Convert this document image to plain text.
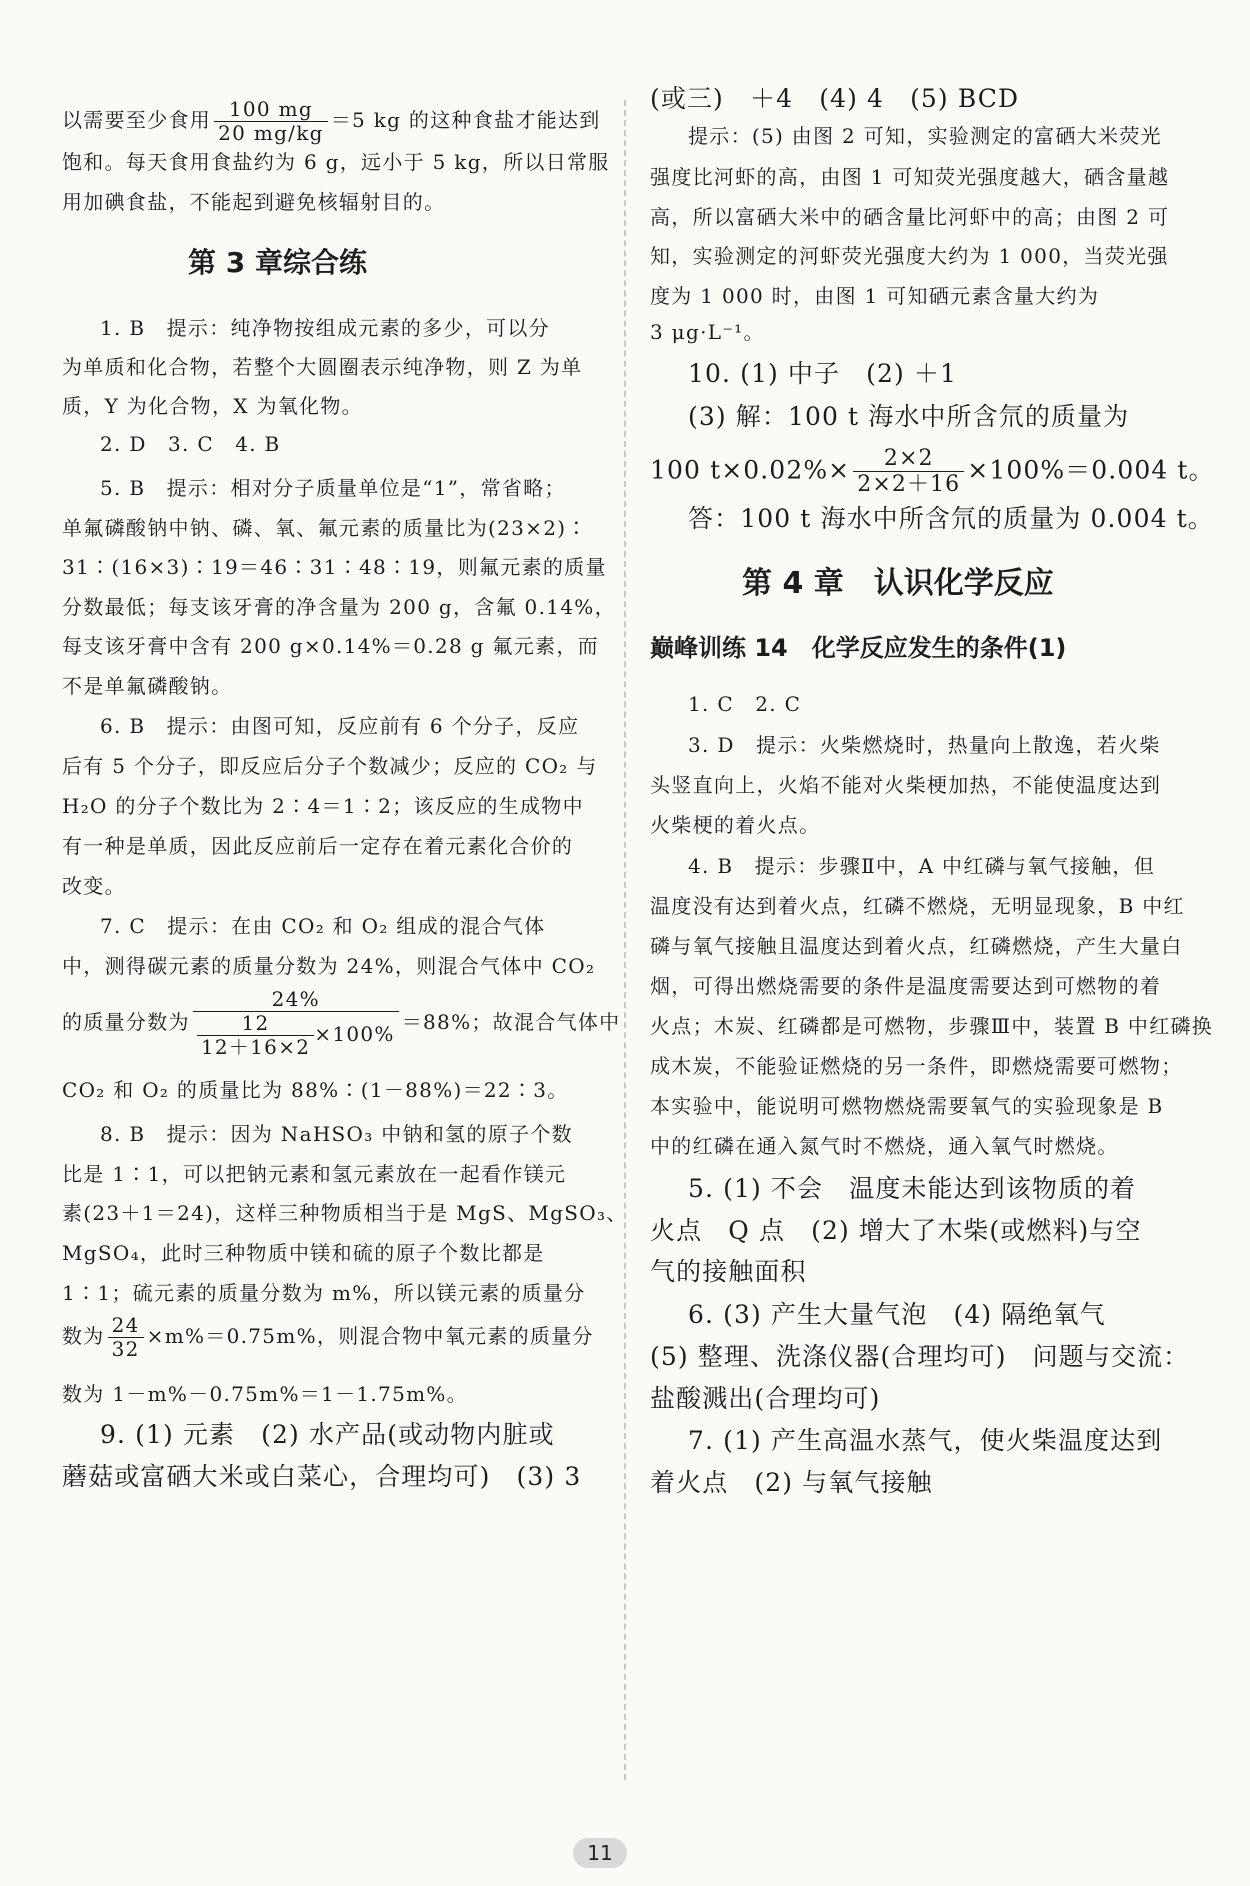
以需要至少食用 $\frac{100 mg}{20 mg/kg} =5$ kg 的这种食盐才能达到
饱和。每天食用食盐约为 6 g，远小于 5 kg，所以日常服
用加碘食盐，不能起到避免核辐射目的。
第 3 章综合练
1. B　提示：纯净物按组成元素的多少，可以分
为单质和化合物，若整个大圆圈表示纯净物，则 Z 为单
质，Y 为化合物，X 为氧化物。
2. D　3. C　4. B
5. B　提示：相对分子质量单位是“1”，常省略；
单氟磷酸钠中钠、磷、氧、氟元素的质量比为(23×2)∶
31∶(16×3)∶19＝46∶31∶48∶19，则氟元素的质量
分数最低；每支该牙膏的净含量为 200 g，含氟 0.14%，
每支该牙膏中含有 200 g×0.14%＝0.28 g 氟元素，而
不是单氟磷酸钠。
6. B　提示：由图可知，反应前有 6 个分子，反应
后有 5 个分子，即反应后分子个数减少；反应的 CO₂ 与
H₂O 的分子个数比为 2∶4＝1∶2；该反应的生成物中
有一种是单质，因此反应前后一定存在着元素化合价的
改变。
7. C　提示：在由 CO₂ 和 O₂ 组成的混合气体
中，测得碳元素的质量分数为 24%，则混合气体中 CO₂
的质量分数为 $\frac{24\%}{\frac{12}{12+16\times 2} \times 100\%} =88\%$；故混合气体中
CO₂ 和 O₂ 的质量比为 88%∶(1－88%)＝22∶3。
8. B　提示：因为 NaHSO₃ 中钠和氢的原子个数
比是 1∶1，可以把钠元素和氢元素放在一起看作镁元
素(23＋1＝24)，这样三种物质相当于是 MgS、MgSO₃、
MgSO₄，此时三种物质中镁和硫的原子个数比都是
1∶1；硫元素的质量分数为 m%，所以镁元素的质量分
数为 $\frac{24}{32} \times m\%=0.75m\%$，则混合物中氧元素的质量分
数为 1－m%－0.75m%＝1－1.75m%。
9. (1) 元素　(2) 水产品(或动物内脏或
蘑菇或富硒大米或白菜心，合理均可)　(3) 3
(或三)　＋4　(4) 4　(5) BCD
提示：(5) 由图 2 可知，实验测定的富硒大米荧光
强度比河虾的高，由图 1 可知荧光强度越大，硒含量越
高，所以富硒大米中的硒含量比河虾中的高；由图 2 可
知，实验测定的河虾荧光强度大约为 1 000，当荧光强
度为 1 000 时，由图 1 可知硒元素含量大约为
3 μg·L⁻¹。
10. (1) 中子　(2) ＋1
(3) 解：100 t 海水中所含氘的质量为
100 $t\times 0.02\%\times \frac{2\times 2}{2\times 2+16} \times 100\%=0.004$ t。
答：100 t 海水中所含氘的质量为 0.004 t。
第 4 章　认识化学反应
巅峰训练 14　化学反应发生的条件(1)
1. C　2. C
3. D　提示：火柴燃烧时，热量向上散逸，若火柴
头竖直向上，火焰不能对火柴梗加热，不能使温度达到
火柴梗的着火点。
4. B　提示：步骤Ⅱ中，A 中红磷与氧气接触，但
温度没有达到着火点，红磷不燃烧，无明显现象，B 中红
磷与氧气接触且温度达到着火点，红磷燃烧，产生大量白
烟，可得出燃烧需要的条件是温度需要达到可燃物的着
火点；木炭、红磷都是可燃物，步骤Ⅲ中，装置 B 中红磷换
成木炭，不能验证燃烧的另一条件，即燃烧需要可燃物；
本实验中，能说明可燃物燃烧需要氧气的实验现象是 B
中的红磷在通入氮气时不燃烧，通入氧气时燃烧。
5. (1) 不会　温度未能达到该物质的着
火点　Q 点　(2) 增大了木柴(或燃料)与空
气的接触面积
6. (3) 产生大量气泡　(4) 隔绝氧气
(5) 整理、洗涤仪器(合理均可)　问题与交流：
盐酸溅出(合理均可)
7. (1) 产生高温水蒸气，使火柴温度达到
着火点　(2) 与氧气接触
11
